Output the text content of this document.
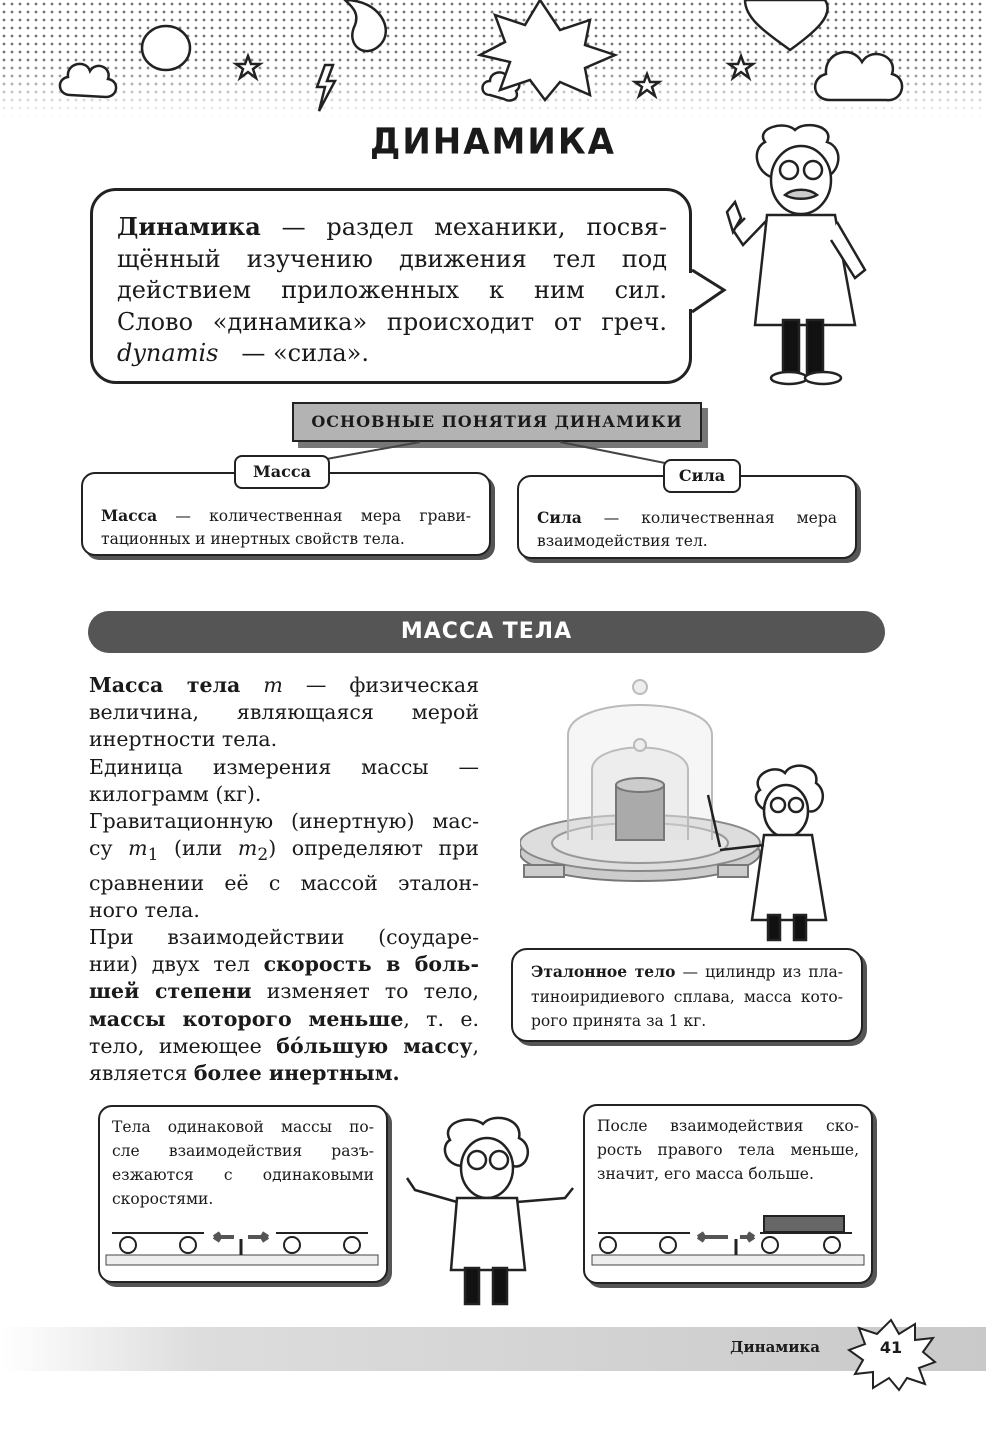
ДИНАМИКА
Динамика — раздел механики, посвя-
щённый изучению движения тел под
действием приложенных к ним сил.
Слово «динамика» происходит от греч.
dynamis — «сила».
ОСНОВНЫЕ ПОНЯТИЯ ДИНАМИКИ
Масса — количественная мера грави-
тационных и инертных свойств тела.
Масса
Сила — количественная мера
взаимодействия тел.
Сила
МАССА ТЕЛА

Масса тела m — физическая

величина, являющаяся мерой

инертности тела.

Единица измерения массы —

килограмм (кг).

Гравитационную (инертную) мас-

су $m_1$ (или $m_2$) определяют при

сравнении её с массой эталон-

ного тела.

При взаимодействии (соударе-

нии) двух тел скорость в боль-

шей степени изменяет то тело,

массы которого меньше, т. е.

тело, имеющее бóльшую массу,

является более инертным.

Эталонное тело — цилиндр из пла-
тиноиридиевого сплава, масса кото-
рого принята за 1 кг.
Тела одинаковой массы по-
сле взаимодействия разъ-
езжаются с одинаковыми
скоростями.
После взаимодействия ско-
рость правого тела меньше,
значит, его масса больше.
Динамика	41
